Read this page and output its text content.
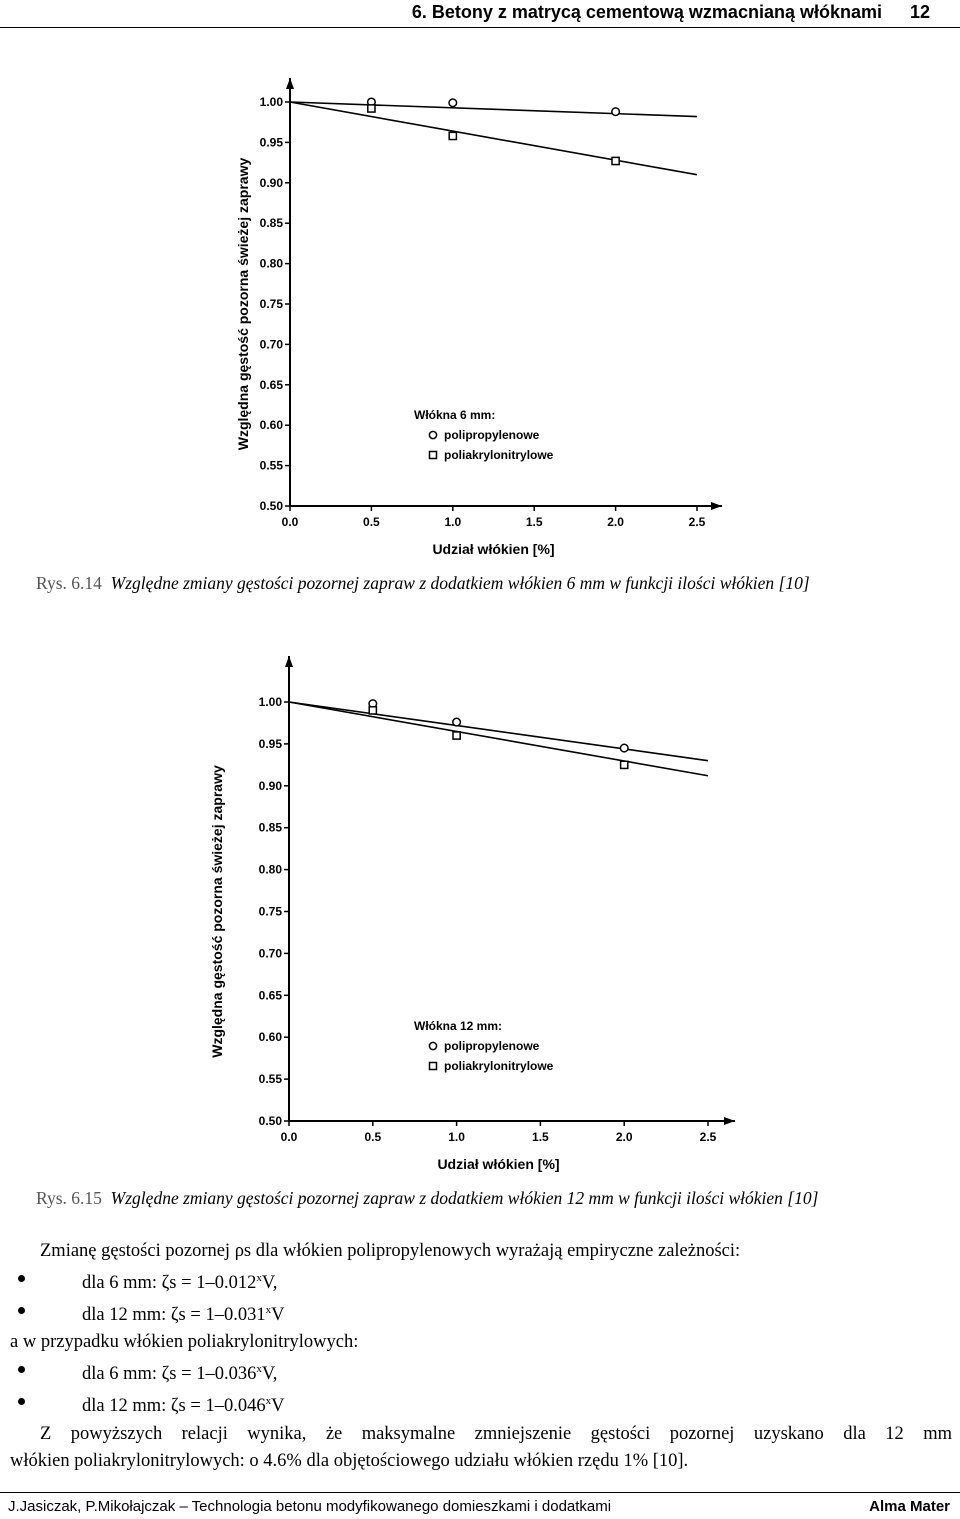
6. Betony z matrycą cementową wzmacnianą włóknami 12
0.50
0.55
0.60
0.65
0.70
0.75
0.80
0.85
0.90
0.95
1.00
0.0	0.5	1.0	1.5	2.0	2.5
Udział włókien [%]
Względna gęstość pozorna świeżej zaprawy	Włókna 6 mm:
polipropylenowe
poliakrylonitrylowe
Rys. 6.14 Względne zmiany gęstości pozornej zapraw z dodatkiem włókien 6 mm w funkcji ilości włókien [10]
0.50
0.55
0.60
0.65
0.70
0.75
0.80
0.85
0.90
0.95
1.00
0.0	0.5	1.0	1.5	2.0	2.5
Udział włókien [%]
Względna gęstość pozorna świeżej zaprawy	Włókna 12 mm:
polipropylenowe
poliakrylonitrylowe
Rys. 6.15 Względne zmiany gęstości pozornej zapraw z dodatkiem włókien 12 mm w funkcji ilości włókien [10]
Zmianę gęstości pozornej ρs dla włókien polipropylenowych wyrażają empiryczne zależności:
dla 6 mm: $\zeta s = 1-0.012^xV$,
dla 12 mm: $\zeta s = 1-0.031^xV$
a w przypadku włókien poliakrylonitrylowych:
dla 6 mm: $\zeta s = 1-0.036^xV$,
dla 12 mm: $\zeta s = 1-0.046^xV$
Z powyższych relacji wynika, że maksymalne zmniejszenie gęstości pozornej uzyskano dla 12 mm
włókien poliakrylonitrylowych: o 4.6% dla objętościowego udziału włókien rzędu 1% [10].
J.Jasiczak, P.Mikołajczak – Technologia betonu modyfikowanego domieszkami i dodatkami	Alma Mater
